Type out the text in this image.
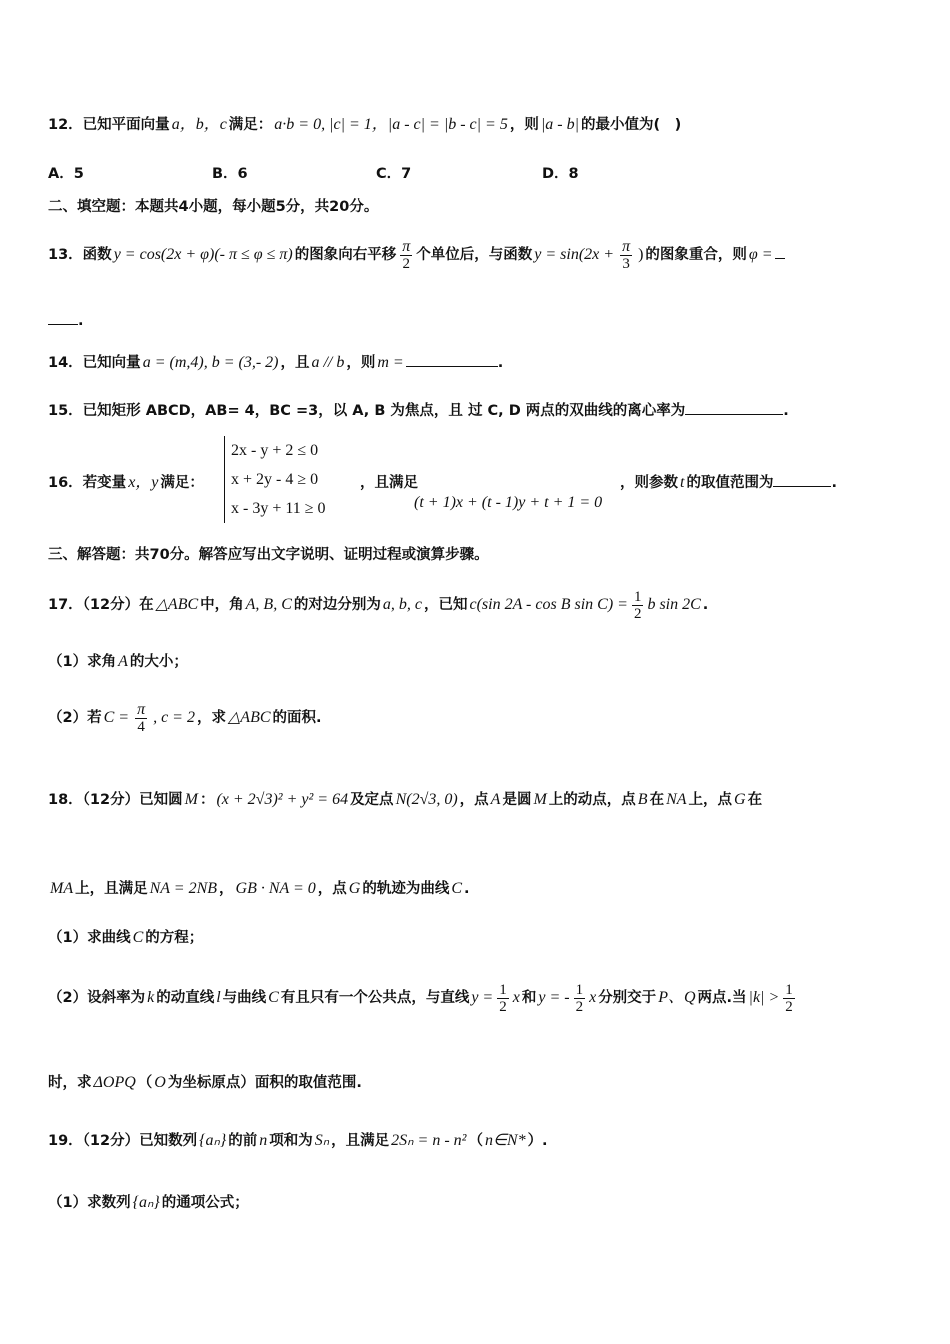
12．已知平面向量 a，b，c 满足： a·b = 0, |c| = 1，|a - c| = |b - c| = 5 ，则 |a - b| 的最小值为(　)
A．5	B．6	C．7	D．8
二、填空题：本题共4小题，每小题5分，共20分。
13．函数 y = cos(2x + φ)(- π ≤ φ ≤ π) 的图象向右平移 $\frac{\pi}{2}$ 个单位后，与函数 $y = \sin(2x + \frac{\pi}{3}$ ) 的图象重合，则 φ =
.
14．已知向量 a = (m,4), b = (3,- 2) ，且 a // b ，则 m =	.
15．已知矩形 ABCD，AB= 4，BC =3，以 A, B 为焦点，且 过 C, D 两点的双曲线的离心率为	.
16．若变量 x，y 满足：
2x - y + 2 ≤ 0
x + 2y - 4 ≥ 0
x - 3y + 11 ≥ 0
，且满足	，则参数 t 的取值范围为	.
(t + 1)x + (t - 1)y + t + 1 = 0
三、解答题：共70分。解答应写出文字说明、证明过程或演算步骤。
17．（12分）在 △ABC 中，角 A, B, C 的对边分别为 a, b, c ，已知 c(sin 2A - cos B $\sin C) = \frac{1}{2}$ b sin 2C .
（1）求角 A 的大小；
（2）若 $C = \frac{\pi}{4}$ , c = 2 ，求 △ABC 的面积.
18．（12分）已知圆 M ： (x + 2√3)² + y² = 64 及定点 N(2√3, 0) ，点 A 是圆 M 上的动点，点 B 在 NA 上，点 G 在
MA 上，且满足 NA = 2NB ， GB · NA = 0 ，点 G 的轨迹为曲线 C .
（1）求曲线 C 的方程；
（2）设斜率为 k 的动直线 l 与曲线 C 有且只有一个公共点，与直线 $y = \frac{1}{2}$ x 和 y = - $\frac{1}{2}$ x 分别交于 P、Q 两点.当 $|k| > \frac{1}{2}$
时，求 ΔOPQ （ O 为坐标原点）面积的取值范围.
19．（12分）已知数列 {aₙ} 的前 n 项和为 Sₙ ，且满足 2Sₙ = n - n² （ n∈N* ）.
（1）求数列 {aₙ} 的通项公式；
